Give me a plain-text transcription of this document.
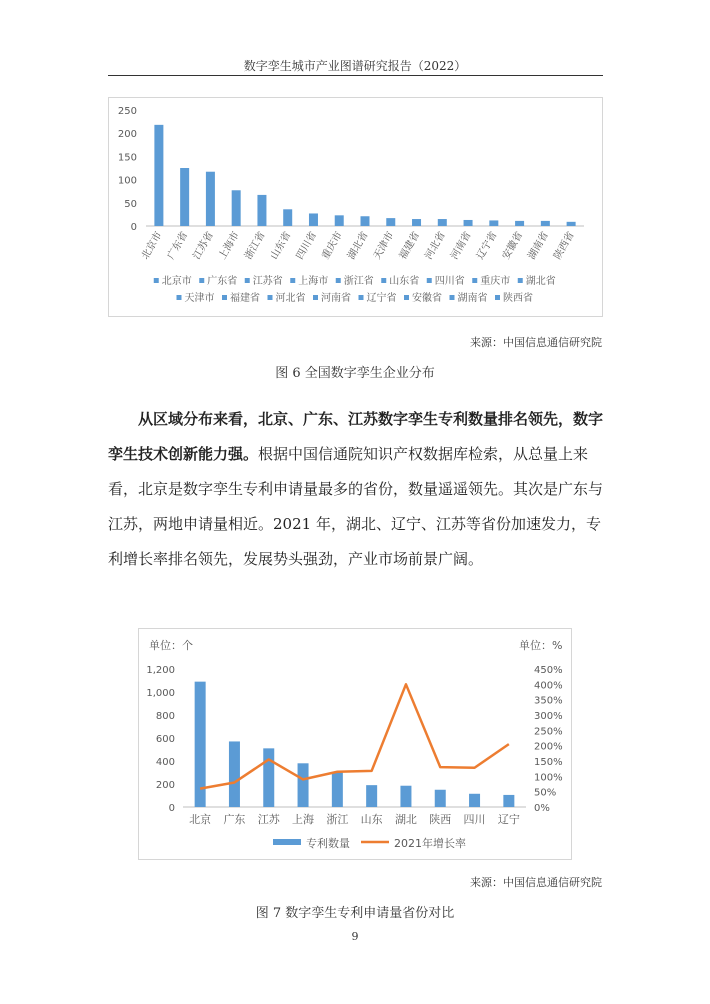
数字孪生城市产业图谱研究报告（2022）
0
50
100
150
200
250
北京市 广东省 江苏省 上海市 浙江省 山东省 四川省 重庆市 湖北省 天津市 福建省 河北省 河南省 辽宁省 安徽省 湖南省 陕西省
北京市 广东省 江苏省 上海市 浙江省 山东省 四川省 重庆市 湖北省
天津市 福建省 河北省 河南省 辽宁省 安徽省 湖南省 陕西省
来源：中国信息通信研究院
图 6 全国数字孪生企业分布
从区域分布来看，北京、广东、江苏数字孪生专利数量排名领先，数字孪生技术创新能力强。根据中国信通院知识产权数据库检索，从总量上来看，北京是数字孪生专利申请量最多的省份，数量遥遥领先。其次是广东与江苏，两地申请量相近。2021 年，湖北、辽宁、江苏等省份加速发力，专利增长率排名领先，发展势头强劲，产业市场前景广阔。
单位：个	单位：%
0
200
400
600
800
1,000
1,200
0%
50%
100%
150%
200%
250%
300%
350%
400%
450%
北京 广东 江苏 上海 浙江 山东 湖北 陕西 四川 辽宁
专利数量	2021年增长率
来源：中国信息通信研究院
图 7 数字孪生专利申请量省份对比
9
